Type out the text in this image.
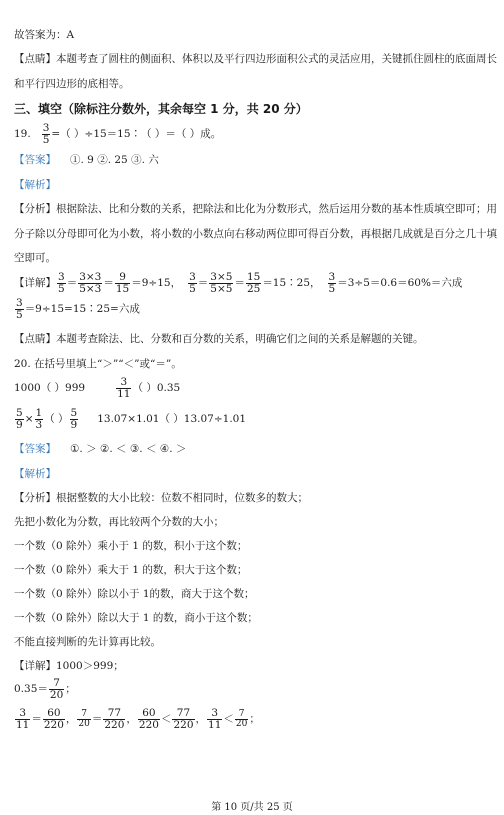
故答案为：A
【点睛】本题考查了圆柱的侧面积、体积以及平行四边形面积公式的灵活应用，关键抓住圆柱的底面周长
和平行四边形的底相等。
三、填空（除标注分数外，其余每空 1 分，共 20 分）
19. $\frac{3}{5}$ =（ ）÷15＝15∶（ ）＝（ ）成。
【答案】 ①. 9 ②. 25 ③. 六
【解析】
【分析】根据除法、比和分数的关系，把除法和比化为分数形式，然后运用分数的基本性质填空即可；用
分子除以分母即可化为小数，将小数的小数点向右移动两位即可得百分数，再根据几成就是百分之几十填
空即可。
【详解】 $\frac{3}{5} = \frac{3\times 3}{5\times 3} = \frac{9}{15} =9\div 15$， $\frac{3}{5} = \frac{3\times 5}{5\times 5} = \frac{15}{25}$ ＝15∶25， $\frac{3}{5} =3\div 5=0.6=60\%=$六成
$\frac{3}{5}$ ＝9÷15=15∶25=六成
【点睛】本题考查除法、比、分数和百分数的关系，明确它们之间的关系是解题的关键。
20. 在括号里填上“＞”“＜”或“＝”。
1000（ ）999	$\frac{3}{11}$ （ ）0.35
$\frac{5}{9} \times \frac{1}{3}$ （ ） $\frac{5}{9} 13.07\times 1.01$（ ）13.07÷1.01
【答案】 ①. ＞ ②. ＜ ③. ＜ ④. ＞
【解析】
【分析】根据整数的大小比较：位数不相同时，位数多的数大；
先把小数化为分数，再比较两个分数的大小；
一个数（0 除外）乘小于 1 的数，积小于这个数；
一个数（0 除外）乘大于 1 的数，积大于这个数；
一个数（0 除外）除以小于 1的数，商大于这个数；
一个数（0 除外）除以大于 1 的数，商小于这个数；
不能直接判断的先计算再比较。
【详解】1000＞999；
$0.35= \frac{7}{20}$ ；
$\frac{3}{11} = \frac{60}{220}$ ， $\frac{7}{20} = \frac{77}{220}$ ， $\frac{60}{220} < \frac{77}{220}$ ， $\frac{3}{11} < \frac{7}{20}$ ；
第 10 页/共 25 页
